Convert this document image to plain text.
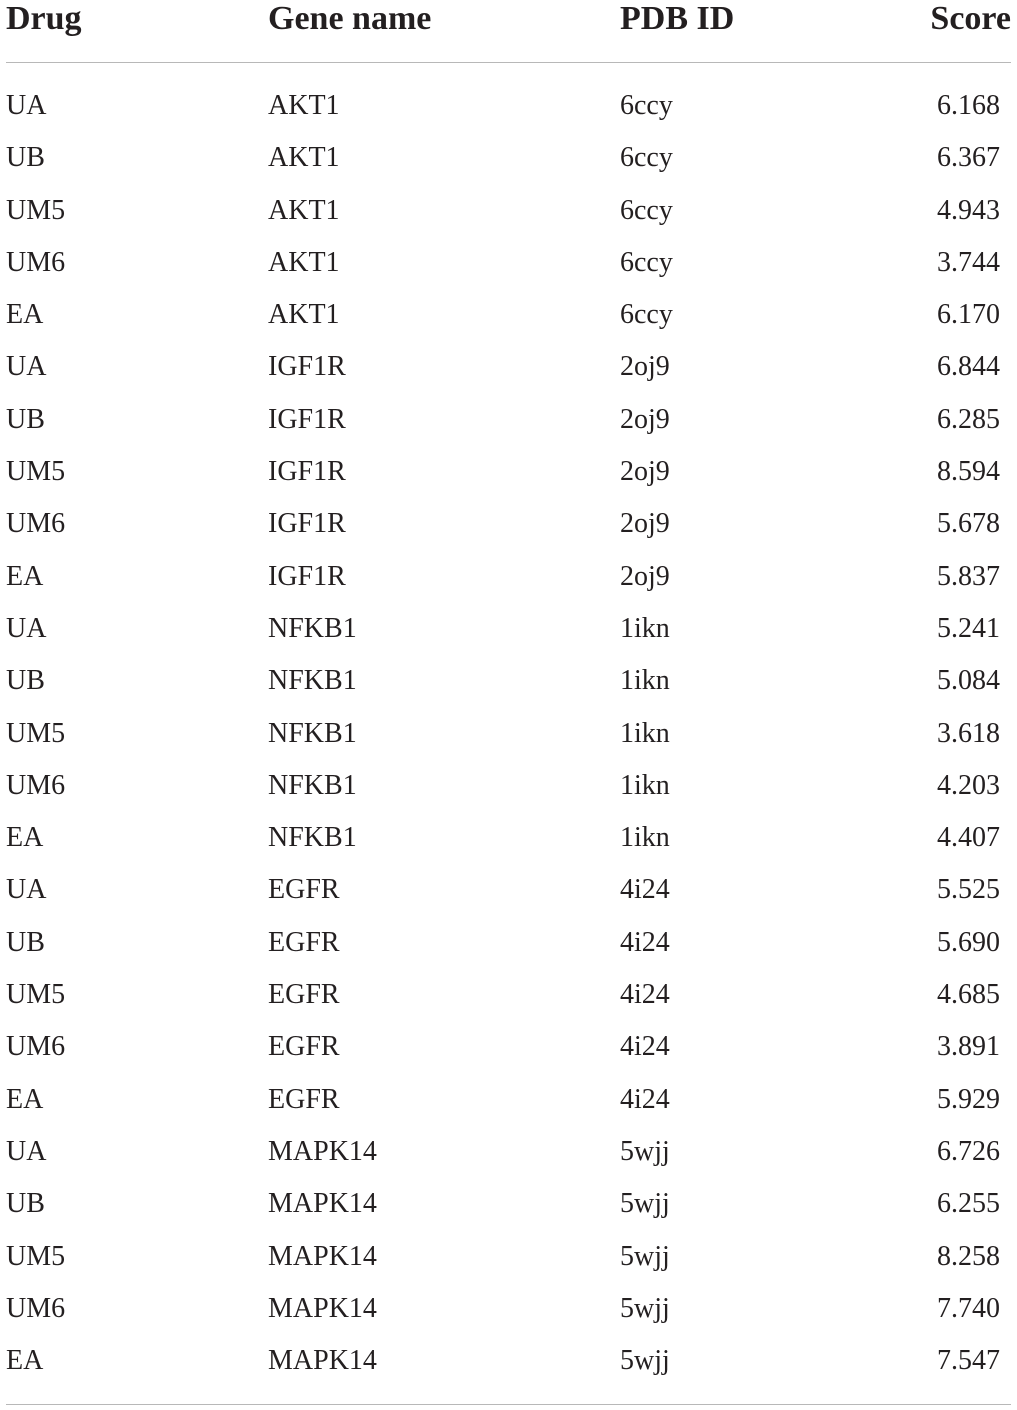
Drug	Gene name	PDB ID	Score
UA	AKT1	6ccy	6.168
UB	AKT1	6ccy	6.367
UM5	AKT1	6ccy	4.943
UM6	AKT1	6ccy	3.744
EA	AKT1	6ccy	6.170
UA	IGF1R	2oj9	6.844
UB	IGF1R	2oj9	6.285
UM5	IGF1R	2oj9	8.594
UM6	IGF1R	2oj9	5.678
EA	IGF1R	2oj9	5.837
UA	NFKB1	1ikn	5.241
UB	NFKB1	1ikn	5.084
UM5	NFKB1	1ikn	3.618
UM6	NFKB1	1ikn	4.203
EA	NFKB1	1ikn	4.407
UA	EGFR	4i24	5.525
UB	EGFR	4i24	5.690
UM5	EGFR	4i24	4.685
UM6	EGFR	4i24	3.891
EA	EGFR	4i24	5.929
UA	MAPK14	5wjj	6.726
UB	MAPK14	5wjj	6.255
UM5	MAPK14	5wjj	8.258
UM6	MAPK14	5wjj	7.740
EA	MAPK14	5wjj	7.547
